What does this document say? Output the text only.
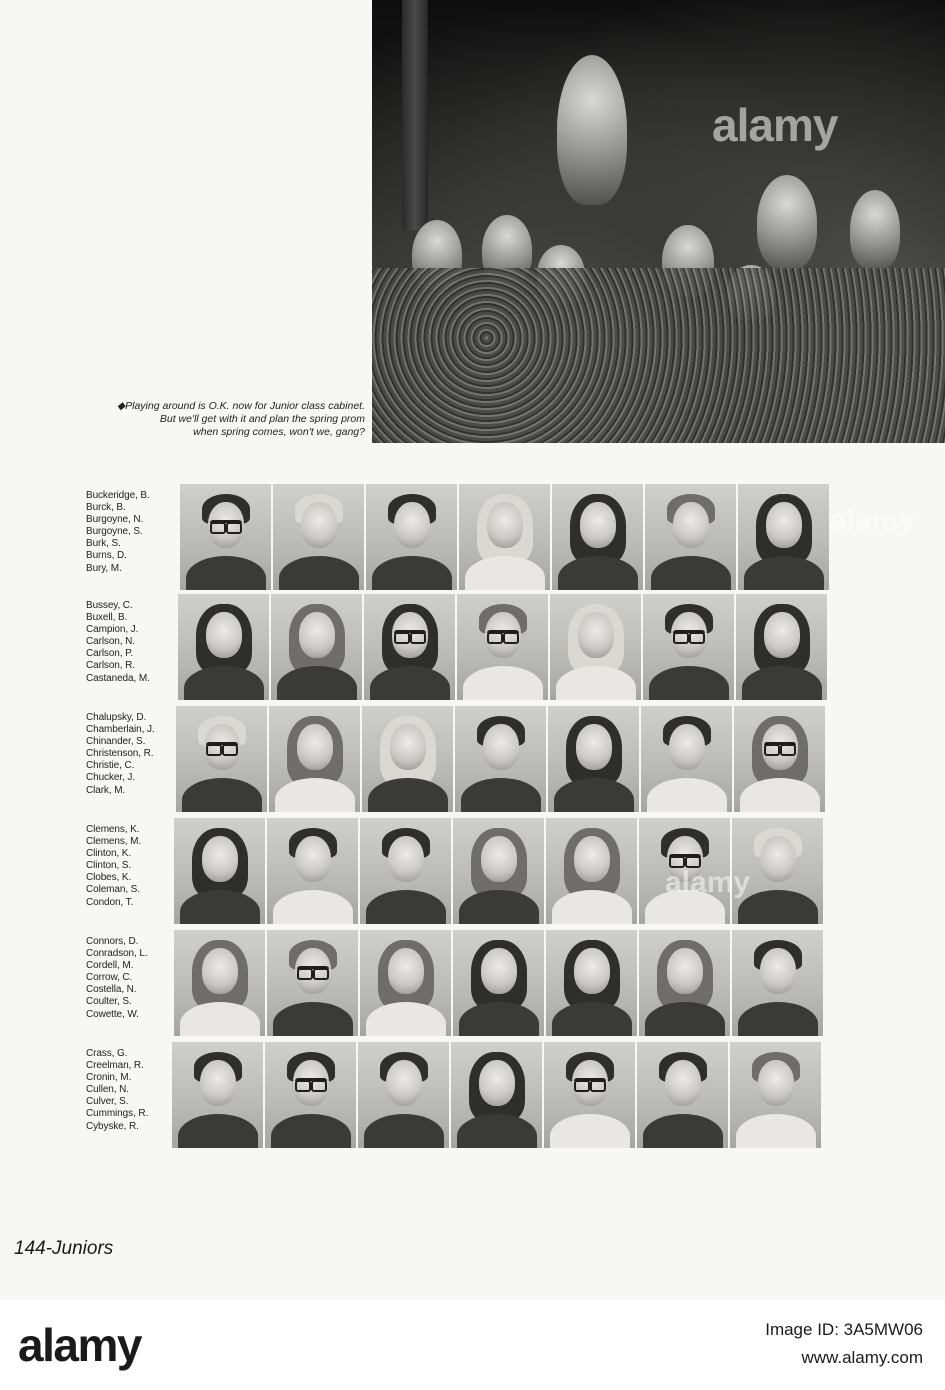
alamy
◆Playing around is O.K. now for Junior class cabinet.
But we'll get with it and plan the spring prom
when spring comes, won't we, gang?
Buckeridge, B.
Burck, B.
Burgoyne, N.
Burgoyne, S.
Burk, S.
Burns, D.
Bury, M.
alamy
Bussey, C.
Buxell, B.
Campion, J.
Carlson, N.
Carlson, P.
Carlson, R.
Castaneda, M.
Chalupsky, D.
Chamberlain, J.
Chinander, S.
Christenson, R.
Christie, C.
Chucker, J.
Clark, M.
Clemens, K.
Clemens, M.
Clinton, K.
Clinton, S.
Clobes, K.
Coleman, S.
Condon, T.
alamy
Connors, D.
Conradson, L.
Cordell, M.
Corrow, C.
Costella, N.
Coulter, S.
Cowette, W.
Crass, G.
Creelman, R.
Cronin, M.
Cullen, N.
Culver, S.
Cummings, R.
Cybyske, R.
144-Juniors
alamy	Image ID: 3A5MW06
www.alamy.com
